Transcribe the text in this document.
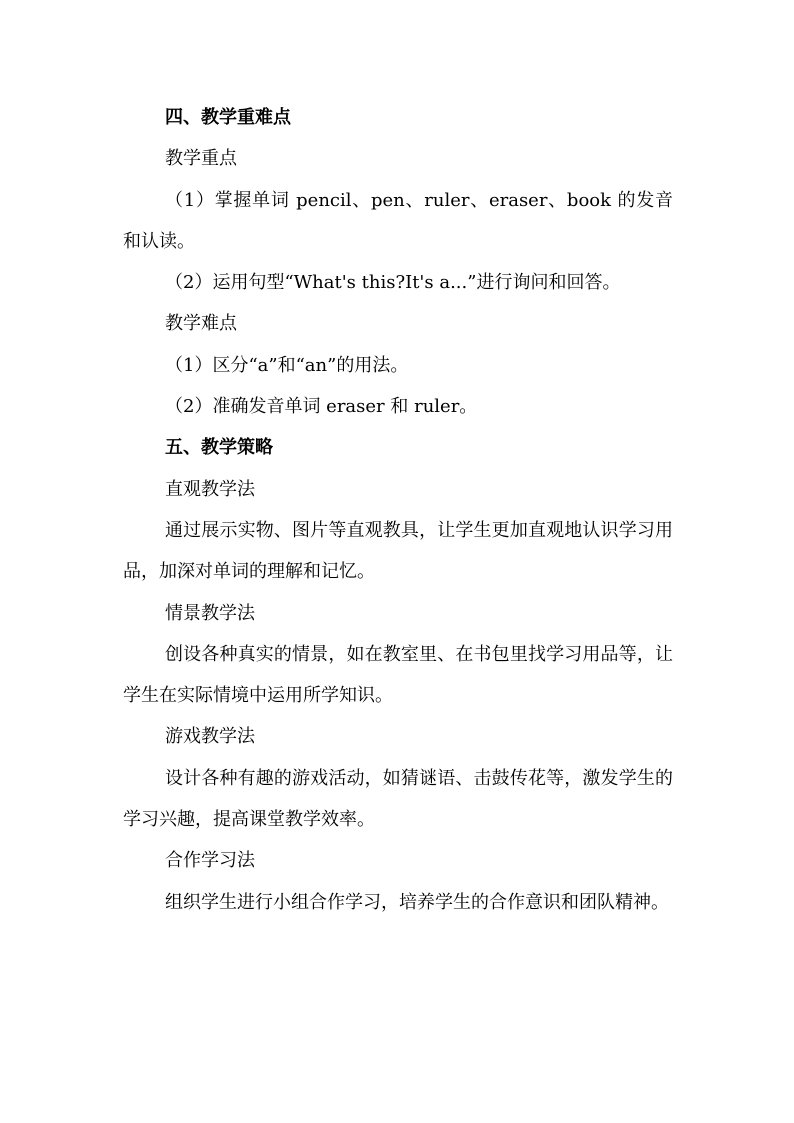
四、教学重难点

教学重点

（1）掌握单词 pencil、pen、ruler、eraser、book 的发音和认读。

（2）运用句型“What's this?It's a...”进行询问和回答。

教学难点

（1）区分“a”和“an”的用法。

（2）准确发音单词 eraser 和 ruler。

五、教学策略

直观教学法

通过展示实物、图片等直观教具，让学生更加直观地认识学习用品，加深对单词的理解和记忆。

情景教学法

创设各种真实的情景，如在教室里、在书包里找学习用品等，让学生在实际情境中运用所学知识。

游戏教学法

设计各种有趣的游戏活动，如猜谜语、击鼓传花等，激发学生的学习兴趣，提高课堂教学效率。

合作学习法

组织学生进行小组合作学习，培养学生的合作意识和团队精神。
